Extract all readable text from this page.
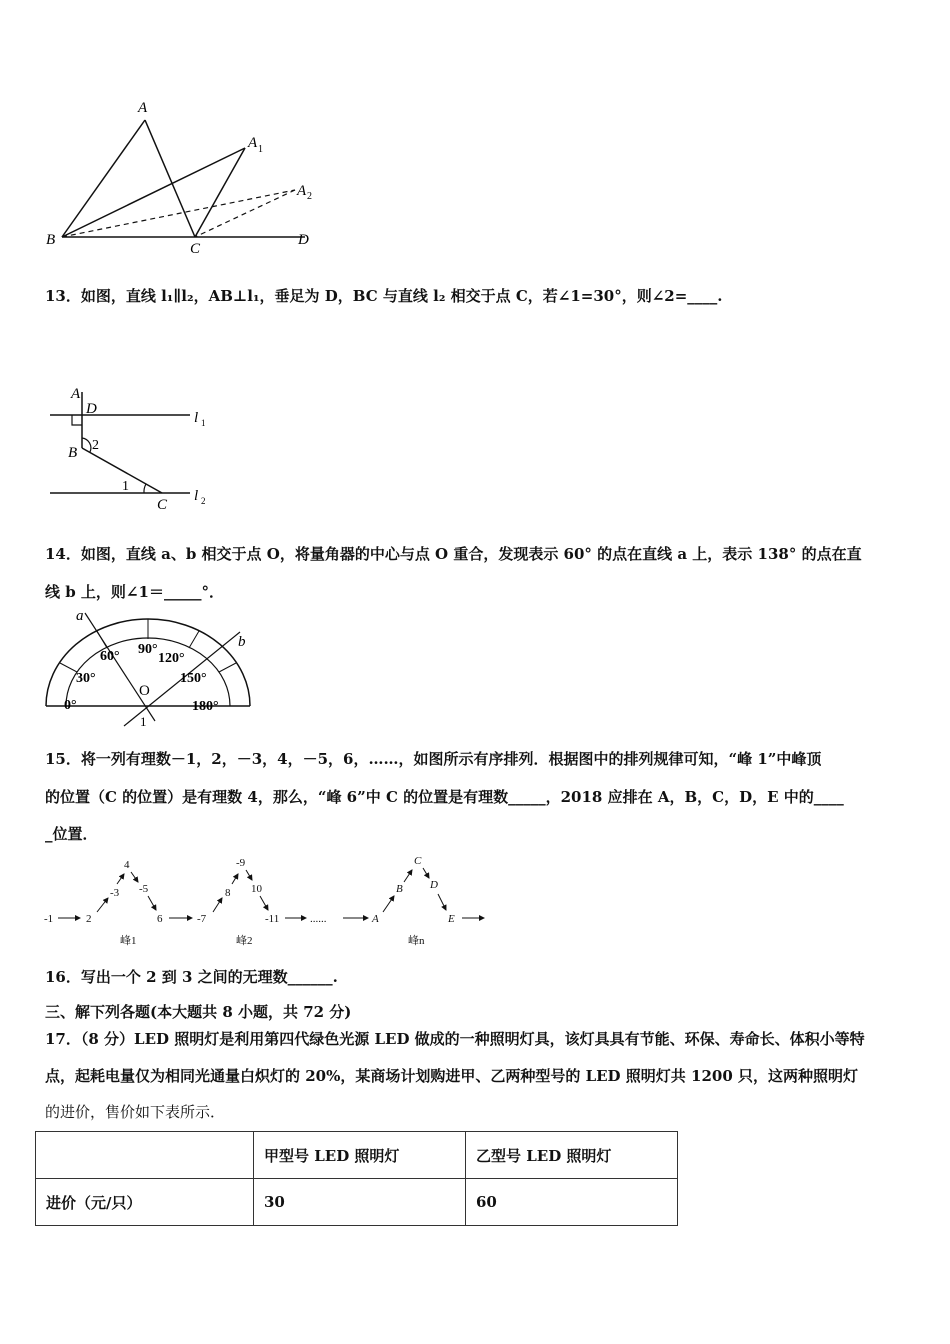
A
A 1
A 2
B
C
D
13．如图，直线 l₁∥l₂，AB⊥l₁，垂足为 D，BC 与直线 l₂ 相交于点 C，若∠1=30°，则∠2=____.
A
D
B
C
l 1
l 2
2
1
14．如图，直线 a、b 相交于点 O，将量角器的中心与点 O 重合，发现表示 60° 的点在直线 a 上，表示 138° 的点在直
线 b 上，则∠1＝_____°．
a
b
O
1
0°
30°
60° 90°
120°
150°
180°
15．将一列有理数－1，2，－3，4，－5，6，……，如图所示有序排列．根据图中的排列规律可知，“峰 1”中峰顶
的位置（C 的位置）是有理数 4，那么，“峰 6”中 C 的位置是有理数_____，2018 应排在 A，B，C，D，E 中的____
_位置．
-1	2
-3
4
-5
6	-7
8
-9
10
-11	......	A
B
C
D
E
峰1	峰2	峰n
16．写出一个 2 到 3 之间的无理数______.
三、解下列各题(本大题共 8 小题，共 72 分)
17．（8 分）LED 照明灯是利用第四代绿色光源 LED 做成的一种照明灯具，该灯具具有节能、环保、寿命长、体积小等特
点，起耗电量仅为相同光通量白炽灯的 20%，某商场计划购进甲、乙两种型号的 LED 照明灯共 1200 只，这两种照明灯
的进价，售价如下表所示．
	甲型号 LED 照明灯	乙型号 LED 照明灯
进价（元/只）	30	60
